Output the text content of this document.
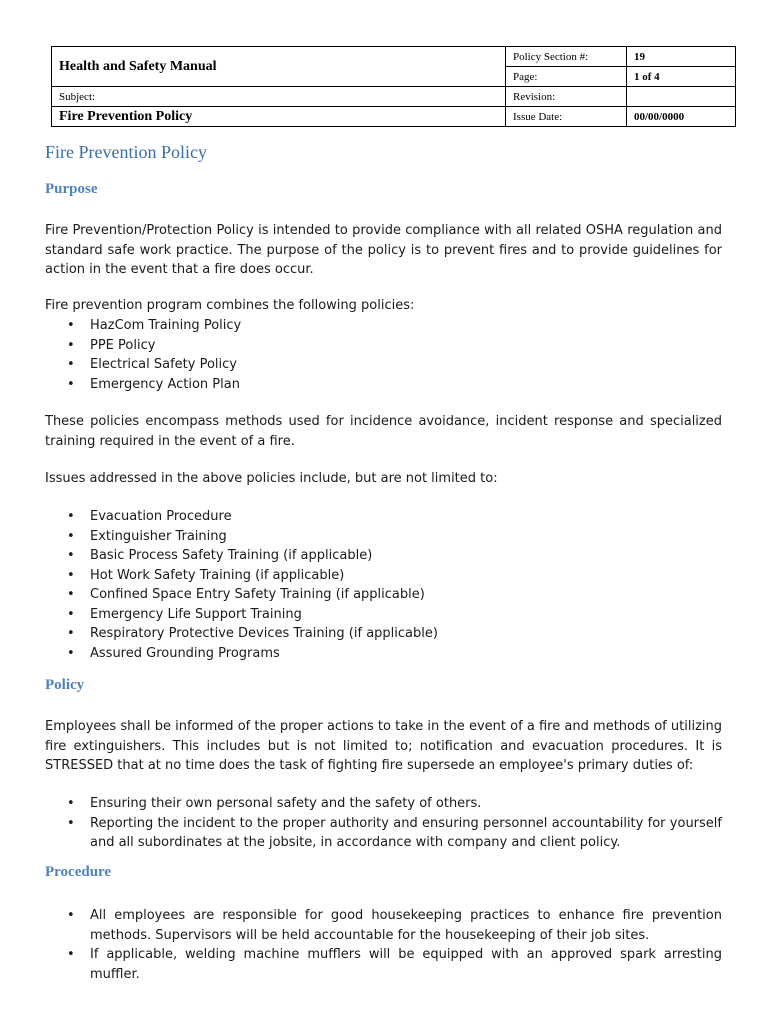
Health and Safety Manual	Policy Section #:	19
	Page:	1 of 4
Subject:	Revision:	
Fire Prevention Policy	Issue Date:	00/00/0000
Fire Prevention Policy
Purpose

Fire Prevention/Protection Policy is intended to provide compliance with all related OSHA regulation and standard safe work practice. The purpose of the policy is to prevent fires and to provide guidelines for action in the event that a fire does occur.

Fire prevention program combines the following policies:

• HazCom Training Policy
• PPE Policy
• Electrical Safety Policy
• Emergency Action Plan

These policies encompass methods used for incidence avoidance, incident response and specialized training required in the event of a fire.

Issues addressed in the above policies include, but are not limited to:

• Evacuation Procedure
• Extinguisher Training
• Basic Process Safety Training (if applicable)
• Hot Work Safety Training (if applicable)
• Confined Space Entry Safety Training (if applicable)
• Emergency Life Support Training
• Respiratory Protective Devices Training (if applicable)
• Assured Grounding Programs
Policy

Employees shall be informed of the proper actions to take in the event of a fire and methods of utilizing fire extinguishers. This includes but is not limited to; notification and evacuation procedures. It is STRESSED that at no time does the task of fighting fire supersede an employee's primary duties of:

• Ensuring their own personal safety and the safety of others.
• Reporting the incident to the proper authority and ensuring personnel accountability for yourself and all subordinates at the jobsite, in accordance with company and client policy.
Procedure
• All employees are responsible for good housekeeping practices to enhance fire prevention methods. Supervisors will be held accountable for the housekeeping of their job sites.
• If applicable, welding machine mufflers will be equipped with an approved spark arresting muffler.
